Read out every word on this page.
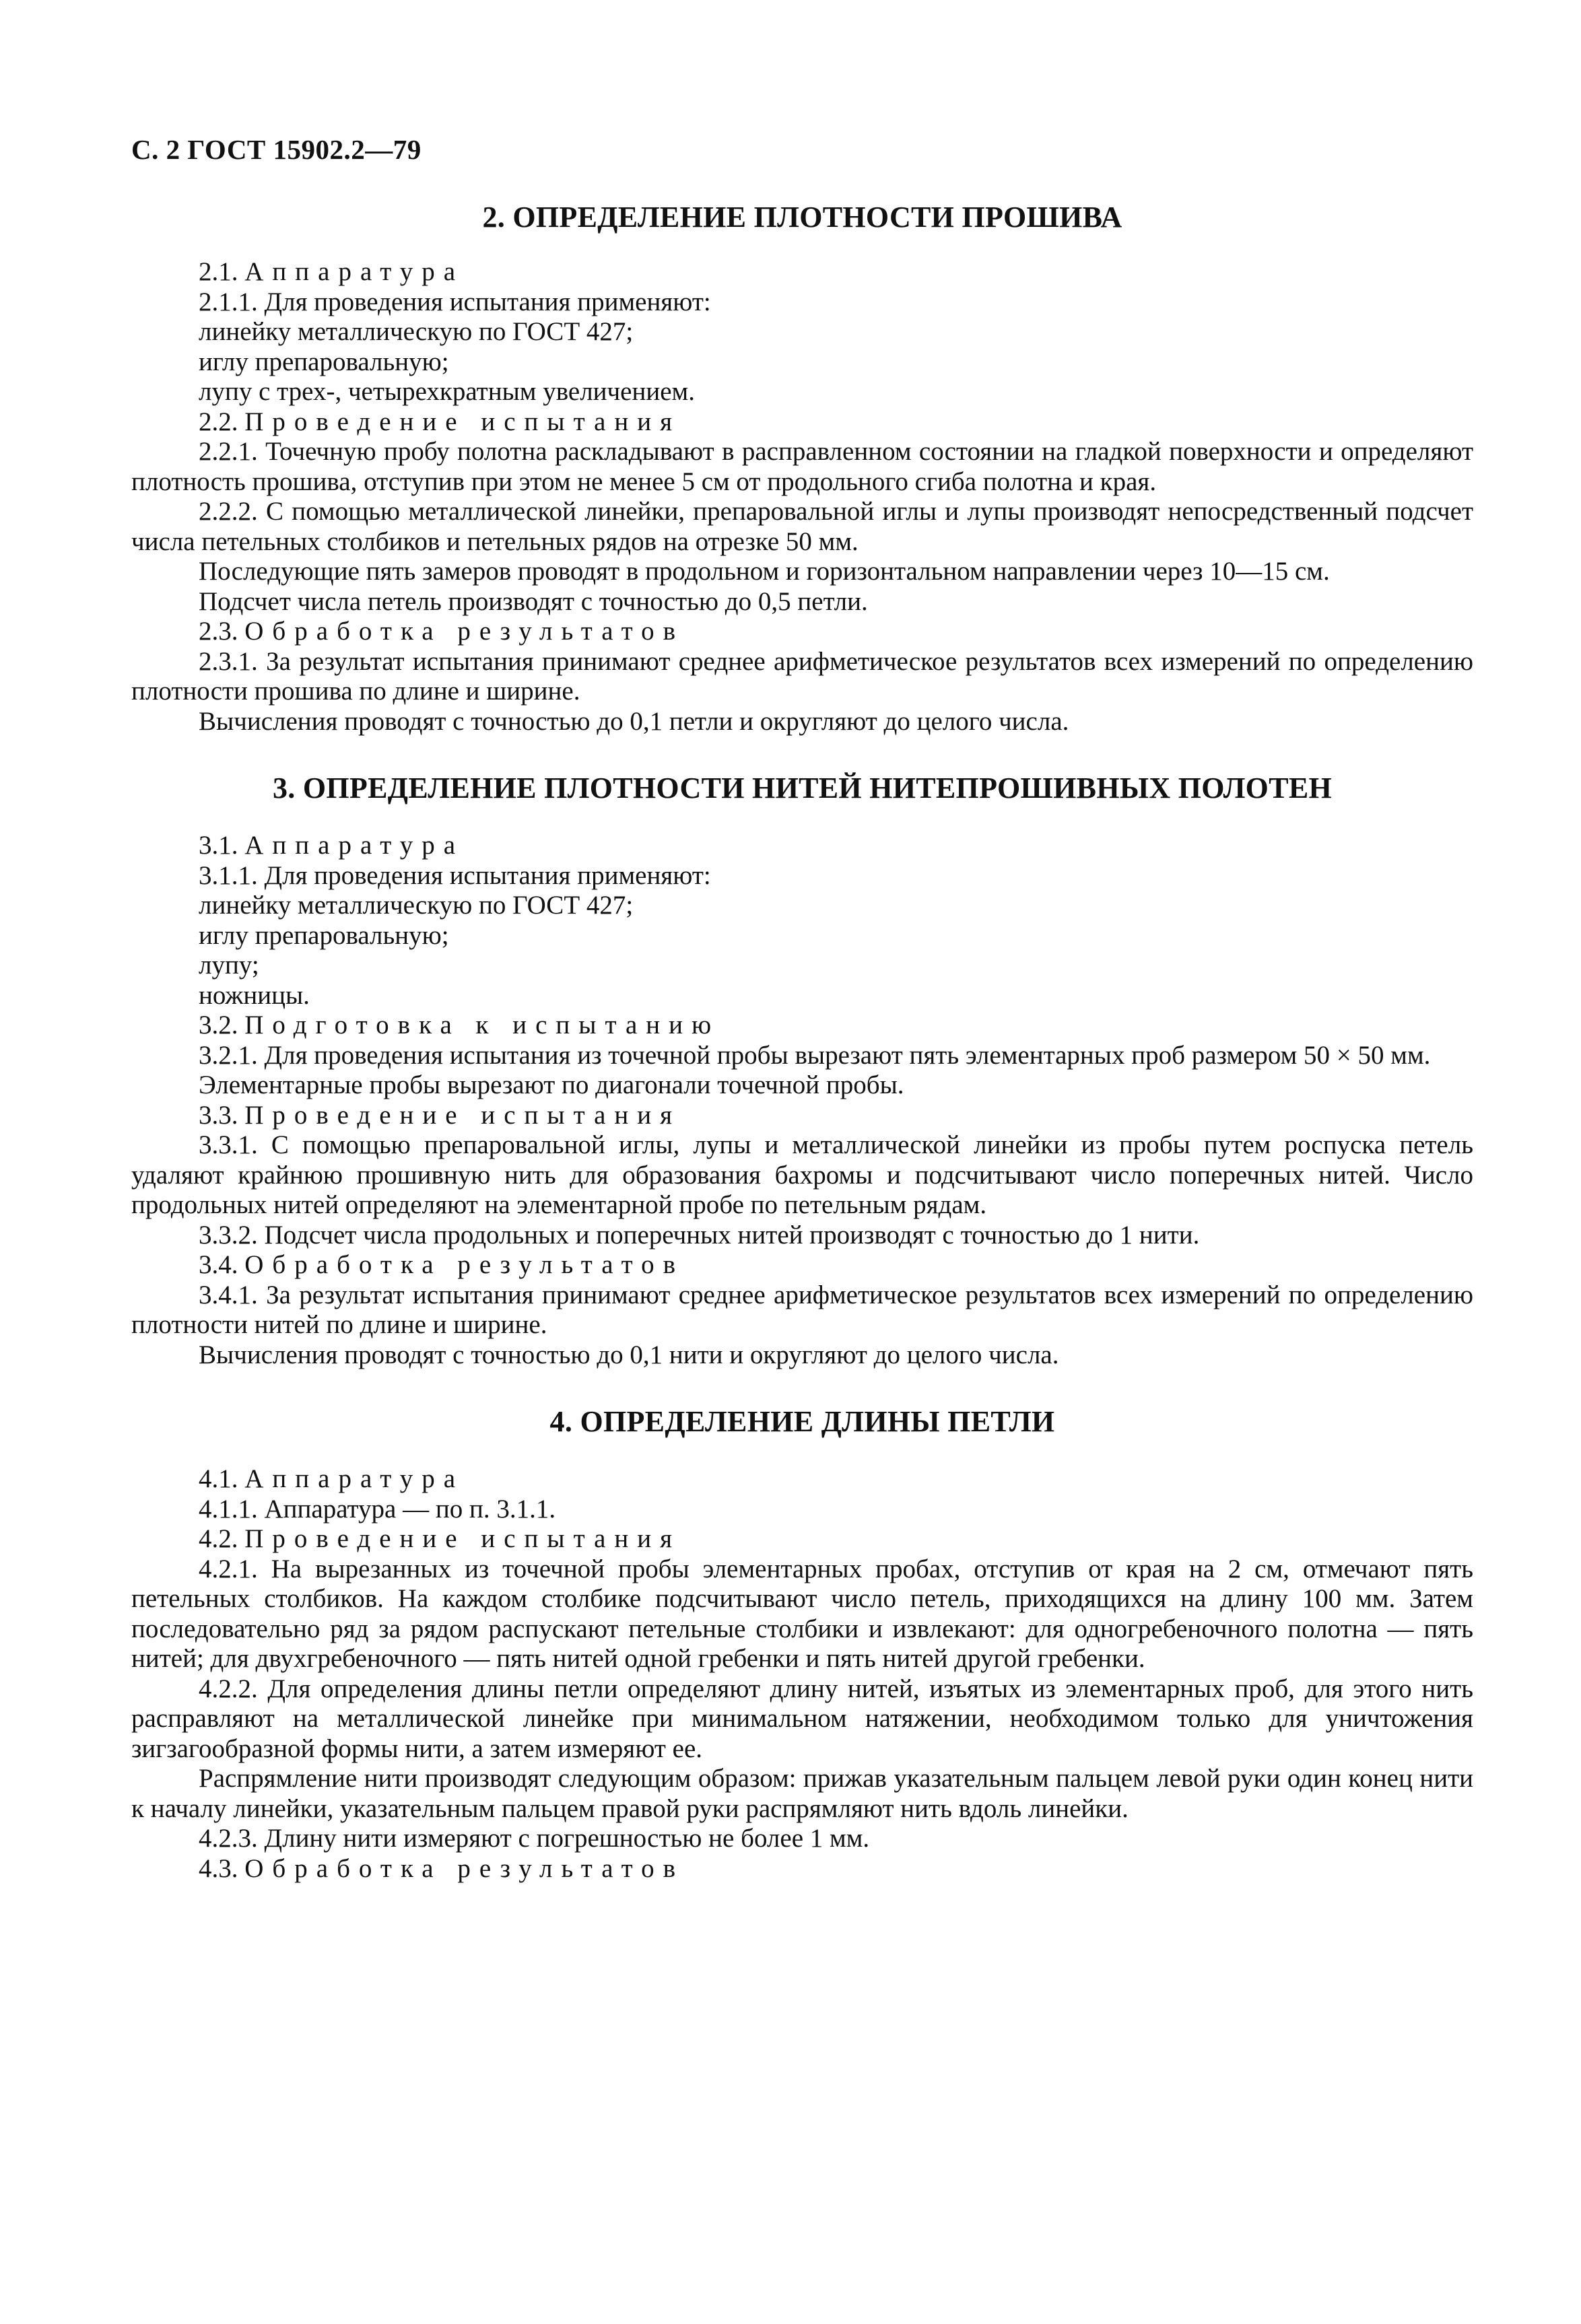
С. 2 ГОСТ 15902.2—79
2. ОПРЕДЕЛЕНИЕ ПЛОТНОСТИ ПРОШИВА
2.1. Аппаратура
2.1.1. Для проведения испытания применяют:
линейку металлическую по ГОСТ 427;
иглу препаровальную;
лупу с трех-, четырехкратным увеличением.
2.2. Проведение испытания
2.2.1. Точечную пробу полотна раскладывают в расправленном состоянии на гладкой поверхности и определяют плотность прошива, отступив при этом не менее 5 см от продольного сгиба полотна и края.
2.2.2. С помощью металлической линейки, препаровальной иглы и лупы производят непосредственный подсчет числа петельных столбиков и петельных рядов на отрезке 50 мм.
Последующие пять замеров проводят в продольном и горизонтальном направлении через 10—15 см.
Подсчет числа петель производят с точностью до 0,5 петли.
2.3. Обработка результатов
2.3.1. За результат испытания принимают среднее арифметическое результатов всех измерений по определению плотности прошива по длине и ширине.
Вычисления проводят с точностью до 0,1 петли и округляют до целого числа.
3. ОПРЕДЕЛЕНИЕ ПЛОТНОСТИ НИТЕЙ НИТЕПРОШИВНЫХ ПОЛОТЕН
3.1. Аппаратура
3.1.1. Для проведения испытания применяют:
линейку металлическую по ГОСТ 427;
иглу препаровальную;
лупу;
ножницы.
3.2. Подготовка к испытанию
3.2.1. Для проведения испытания из точечной пробы вырезают пять элементарных проб размером 50 × 50 мм.
Элементарные пробы вырезают по диагонали точечной пробы.
3.3. Проведение испытания
3.3.1. С помощью препаровальной иглы, лупы и металлической линейки из пробы путем роспуска петель удаляют крайнюю прошивную нить для образования бахромы и подсчитывают число поперечных нитей. Число продольных нитей определяют на элементарной пробе по петельным рядам.
3.3.2. Подсчет числа продольных и поперечных нитей производят с точностью до 1 нити.
3.4. Обработка результатов
3.4.1. За результат испытания принимают среднее арифметическое результатов всех измерений по определению плотности нитей по длине и ширине.
Вычисления проводят с точностью до 0,1 нити и округляют до целого числа.
4. ОПРЕДЕЛЕНИЕ ДЛИНЫ ПЕТЛИ
4.1. Аппаратура
4.1.1. Аппаратура — по п. 3.1.1.
4.2. Проведение испытания
4.2.1. На вырезанных из точечной пробы элементарных пробах, отступив от края на 2 см, отмечают пять петельных столбиков. На каждом столбике подсчитывают число петель, приходящихся на длину 100 мм. Затем последовательно ряд за рядом распускают петельные столбики и извлекают: для одногребеночного полотна — пять нитей; для двухгребеночного — пять нитей одной гребенки и пять нитей другой гребенки.
4.2.2. Для определения длины петли определяют длину нитей, изъятых из элементарных проб, для этого нить расправляют на металлической линейке при минимальном натяжении, необходимом только для уничтожения зигзагообразной формы нити, а затем измеряют ее.
Распрямление нити производят следующим образом: прижав указательным пальцем левой руки один конец нити к началу линейки, указательным пальцем правой руки распрямляют нить вдоль линейки.
4.2.3. Длину нити измеряют с погрешностью не более 1 мм.
4.3. Обработка результатов
